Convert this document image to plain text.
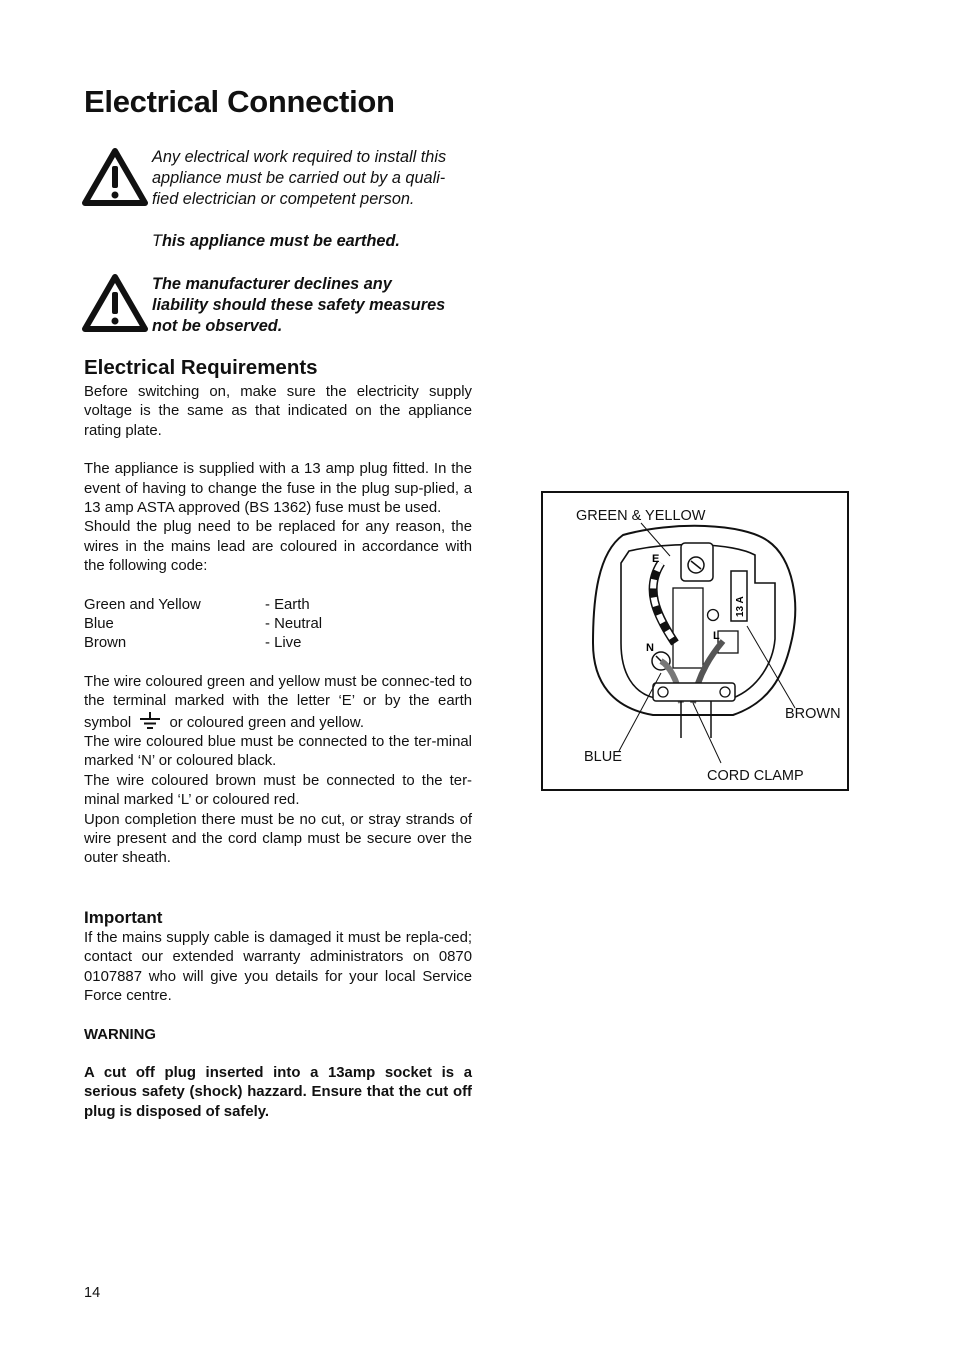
Electrical Connection
Any electrical work required to install this
appliance must be carried out by a quali-
fied electrician or competent person.
This appliance must be earthed.
The manufacturer declines any
liability should these safety measures
not be observed.
Electrical Requirements

Before switching on, make sure the electricity supply voltage is the same as that indicated on the appliance rating plate.

The appliance is supplied with a 13 amp plug fitted. In the event of having to change the fuse in the plug sup-plied, a 13 amp ASTA approved (BS 1362) fuse must be used.

Should the plug need to be replaced for any reason, the wires in the mains lead are coloured in accordance with the following code:

Green and Yellow	- Earth
Blue	- Neutral
Brown	- Live

The wire coloured green and yellow must be connec-ted to the terminal marked with the letter ‘E’ or by the earth symbol	or coloured green and yellow.

The wire coloured blue must be connected to the ter-minal marked ‘N’ or coloured black.

The wire coloured brown must be connected to the ter-minal marked ‘L’ or coloured red.

Upon completion there must be no cut, or stray strands of wire present and the cord clamp must be secure over the outer sheath.

Important

If the mains supply cable is damaged it must be repla-ced; contact our extended warranty administrators on 0870 0107887 who will give you details for your local Service Force centre.

WARNING

A cut off plug inserted into a 13amp socket is a serious safety (shock) hazzard. Ensure that the cut off plug is disposed of safely.

E
N
L
13 A
GREEN & YELLOW
BROWN
BLUE
CORD CLAMP
14
